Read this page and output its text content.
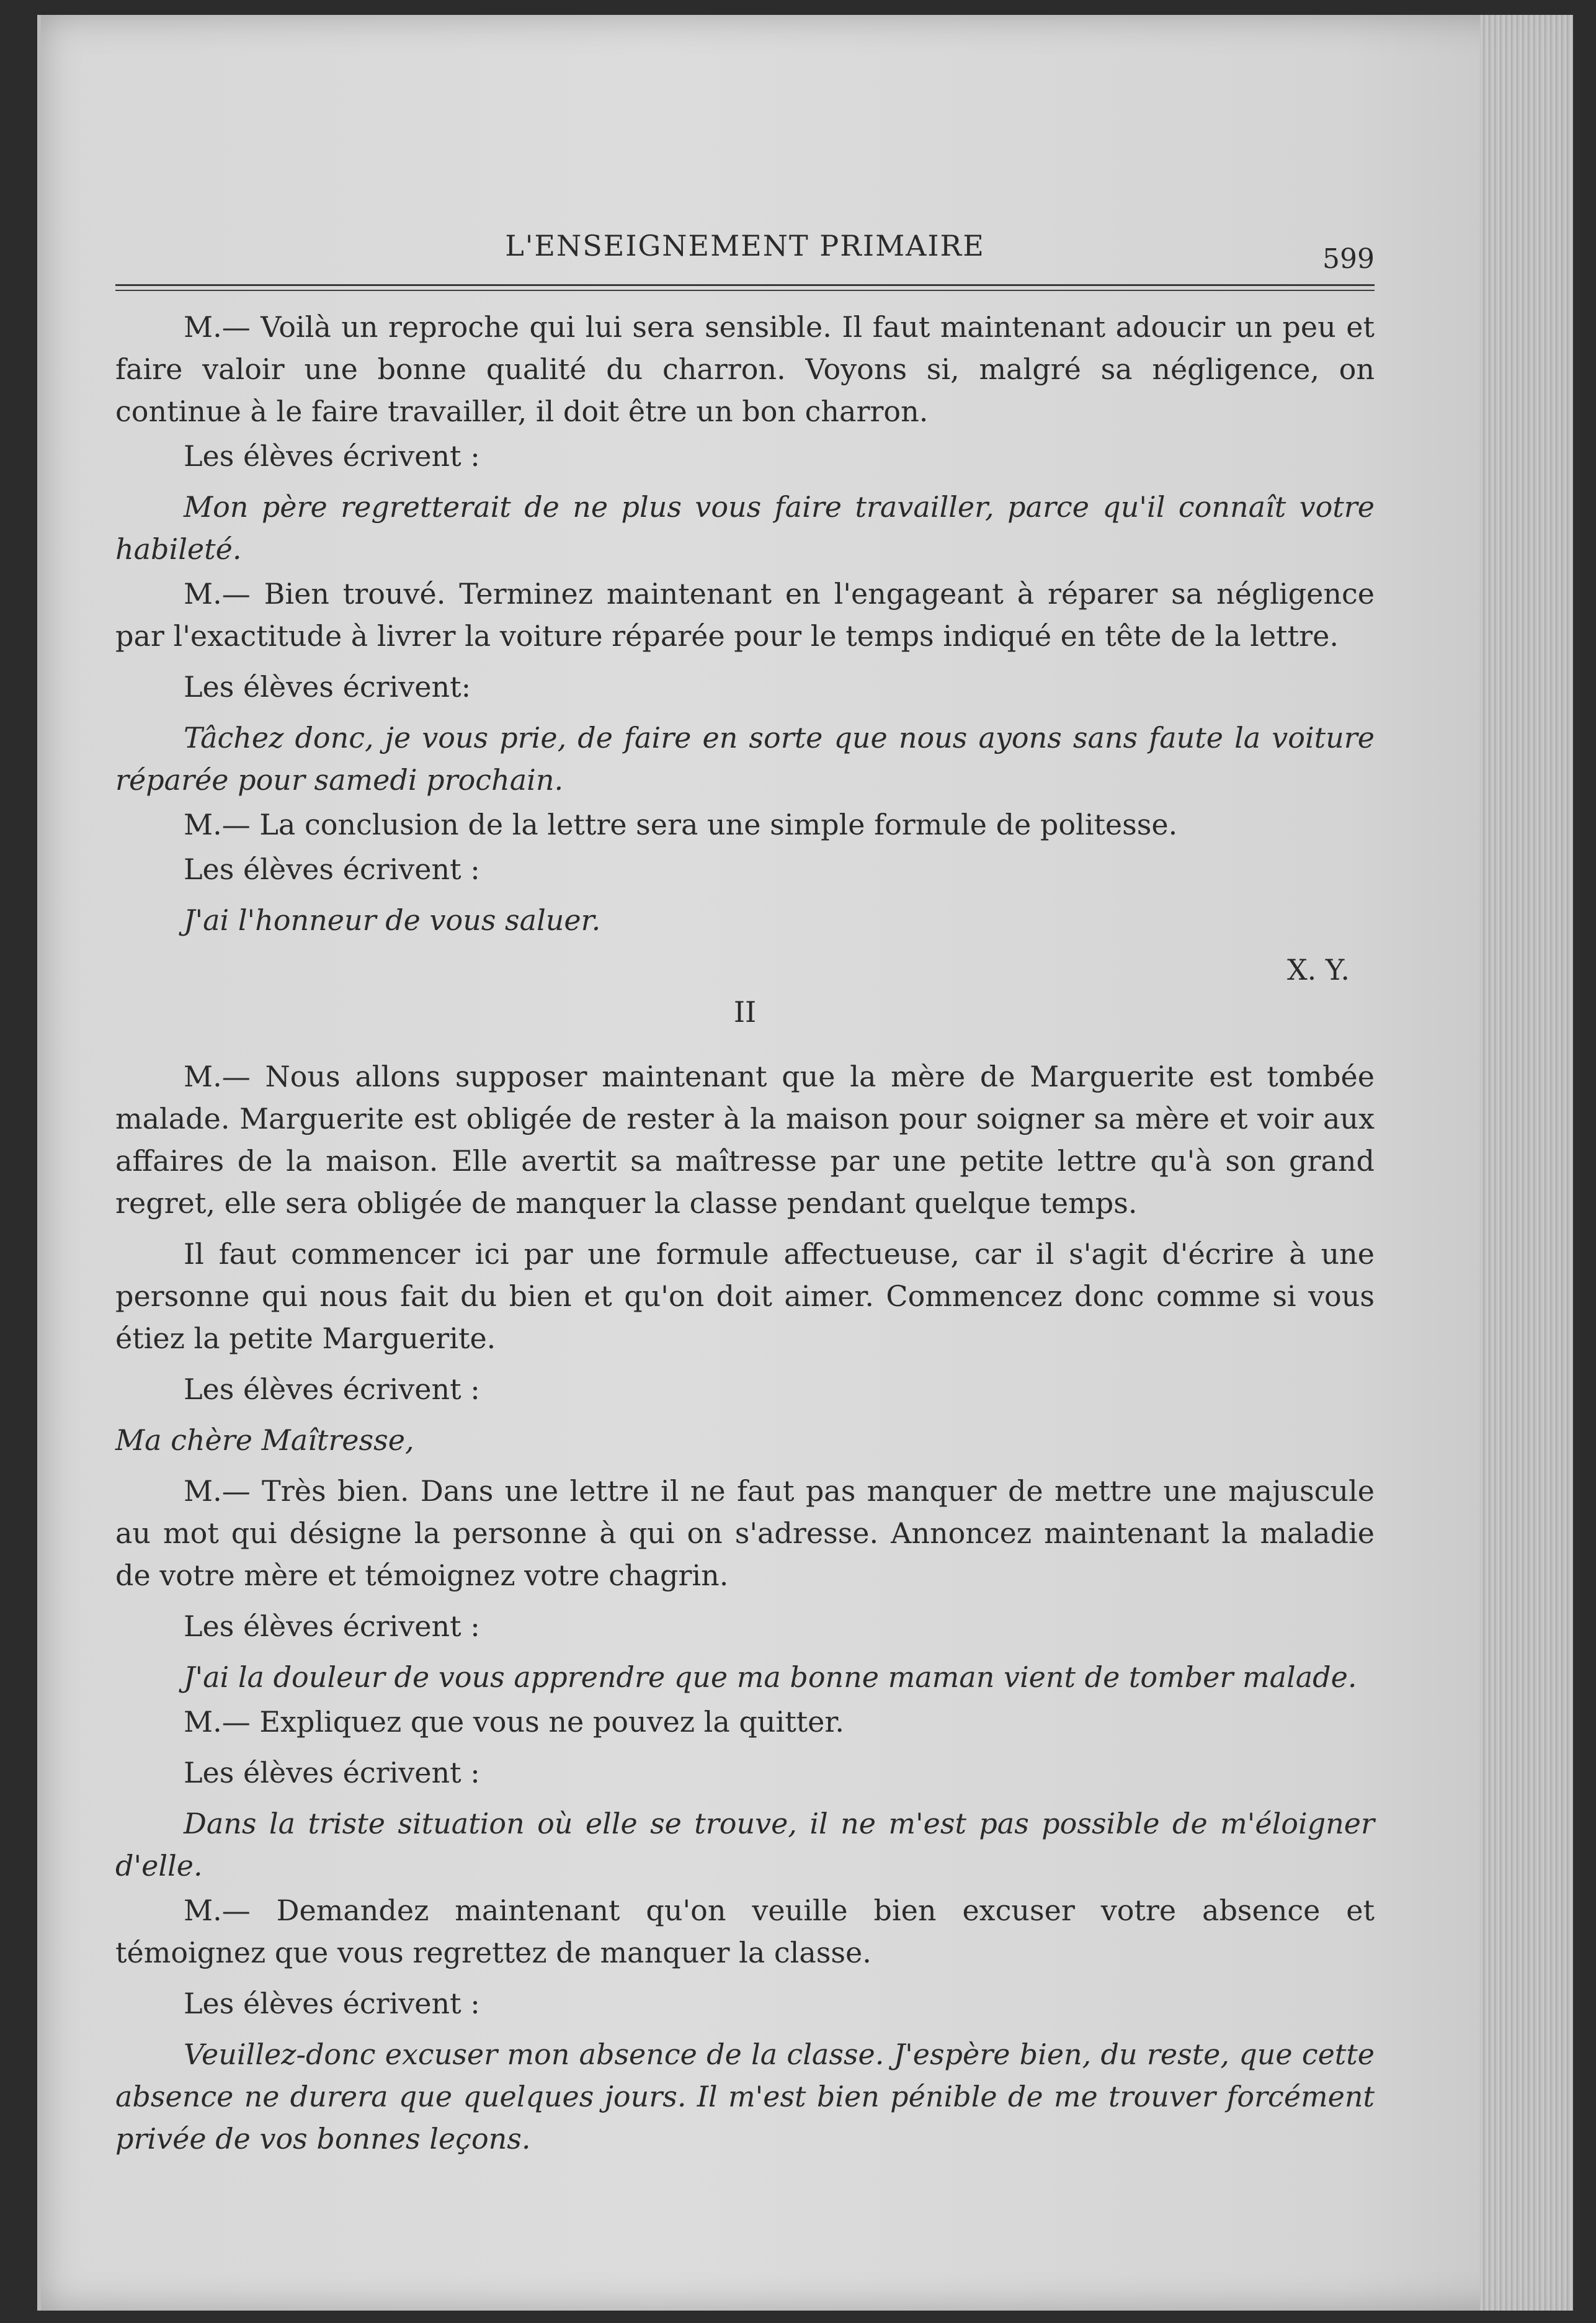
L'ENSEIGNEMENT PRIMAIRE	599

M.— Voilà un reproche qui lui sera sensible. Il faut maintenant adoucir un peu et faire valoir une bonne qualité du charron. Voyons si, malgré sa négligence, on continue à le faire travailler, il doit être un bon charron.

Les élèves écrivent :

Mon père regretterait de ne plus vous faire travailler, parce qu'il connaît votre habileté.

M.— Bien trouvé. Terminez maintenant en l'engageant à réparer sa négligence par l'exactitude à livrer la voiture réparée pour le temps indiqué en tête de la lettre.

Les élèves écrivent:

Tâchez donc, je vous prie, de faire en sorte que nous ayons sans faute la voiture réparée pour samedi prochain.

M.— La conclusion de la lettre sera une simple formule de politesse.

Les élèves écrivent :

J'ai l'honneur de vous saluer.

X. Y.
II

M.— Nous allons supposer maintenant que la mère de Marguerite est tombée malade. Marguerite est obligée de rester à la maison pour soigner sa mère et voir aux affaires de la maison. Elle avertit sa maîtresse par une petite lettre qu'à son grand regret, elle sera obligée de manquer la classe pendant quelque temps.

Il faut commencer ici par une formule affectueuse, car il s'agit d'écrire à une personne qui nous fait du bien et qu'on doit aimer. Commencez donc comme si vous étiez la petite Marguerite.

Les élèves écrivent :

Ma chère Maîtresse,

M.— Très bien. Dans une lettre il ne faut pas manquer de mettre une majuscule au mot qui désigne la personne à qui on s'adresse. Annoncez maintenant la maladie de votre mère et témoignez votre chagrin.

Les élèves écrivent :

J'ai la douleur de vous apprendre que ma bonne maman vient de tomber malade.

M.— Expliquez que vous ne pouvez la quitter.

Les élèves écrivent :

Dans la triste situation où elle se trouve, il ne m'est pas possible de m'éloigner d'elle.

M.— Demandez maintenant qu'on veuille bien excuser votre absence et témoignez que vous regrettez de manquer la classe.

Les élèves écrivent :

Veuillez-donc excuser mon absence de la classe. J'espère bien, du reste, que cette absence ne durera que quelques jours. Il m'est bien pénible de me trouver forcément privée de vos bonnes leçons.
